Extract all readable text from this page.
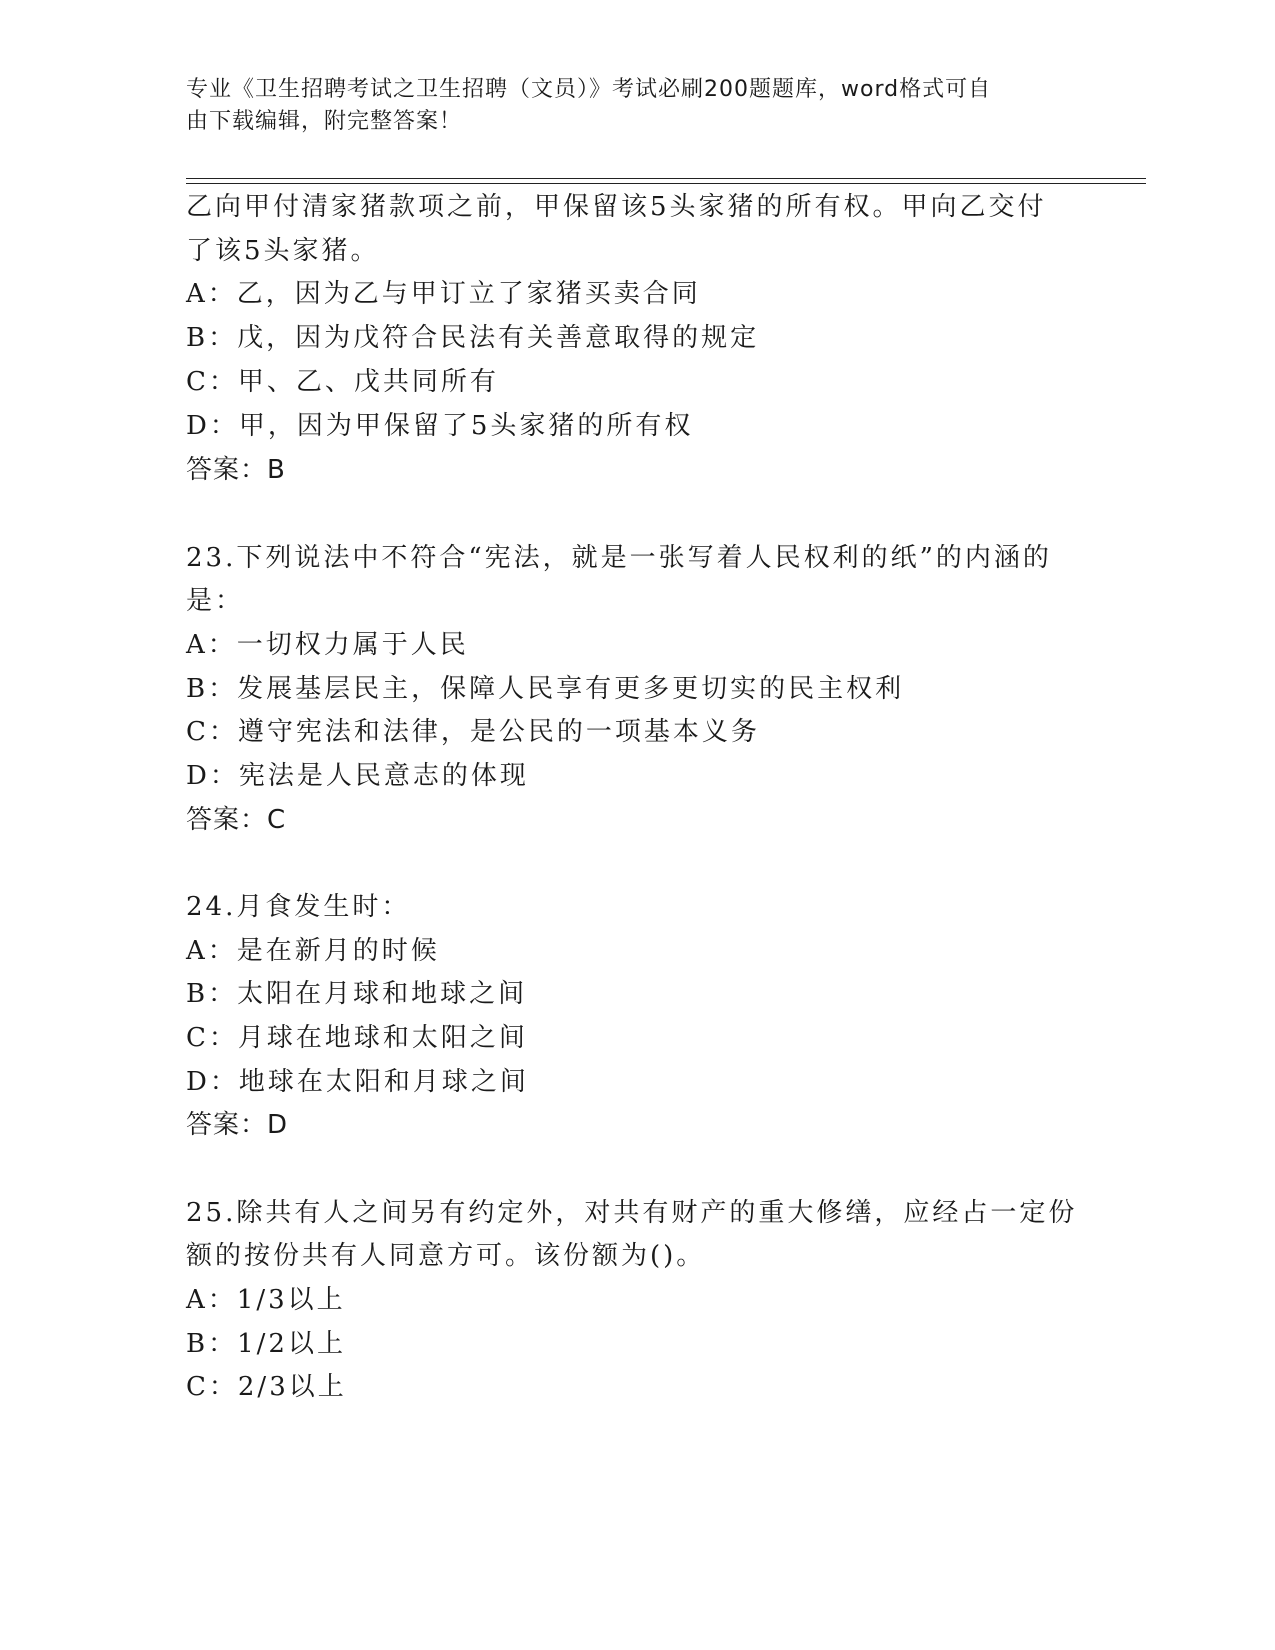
专业《卫生招聘考试之卫生招聘（文员）》考试必刷200题题库，word格式可自
由下载编辑，附完整答案！
乙向甲付清家猪款项之前，甲保留该5头家猪的所有权。甲向乙交付
了该5头家猪。
A：乙，因为乙与甲订立了家猪买卖合同
B：戊，因为戊符合民法有关善意取得的规定
C：甲、乙、戊共同所有
D：甲，因为甲保留了5头家猪的所有权
答案：B
23.下列说法中不符合“宪法，就是一张写着人民权利的纸”的内涵的
是：
A：一切权力属于人民
B：发展基层民主，保障人民享有更多更切实的民主权利
C：遵守宪法和法律，是公民的一项基本义务
D：宪法是人民意志的体现
答案：C
24.月食发生时：
A：是在新月的时候
B：太阳在月球和地球之间
C：月球在地球和太阳之间
D：地球在太阳和月球之间
答案：D
25.除共有人之间另有约定外，对共有财产的重大修缮，应经占一定份
额的按份共有人同意方可。该份额为()。
A：1/3以上
B：1/2以上
C：2/3以上
